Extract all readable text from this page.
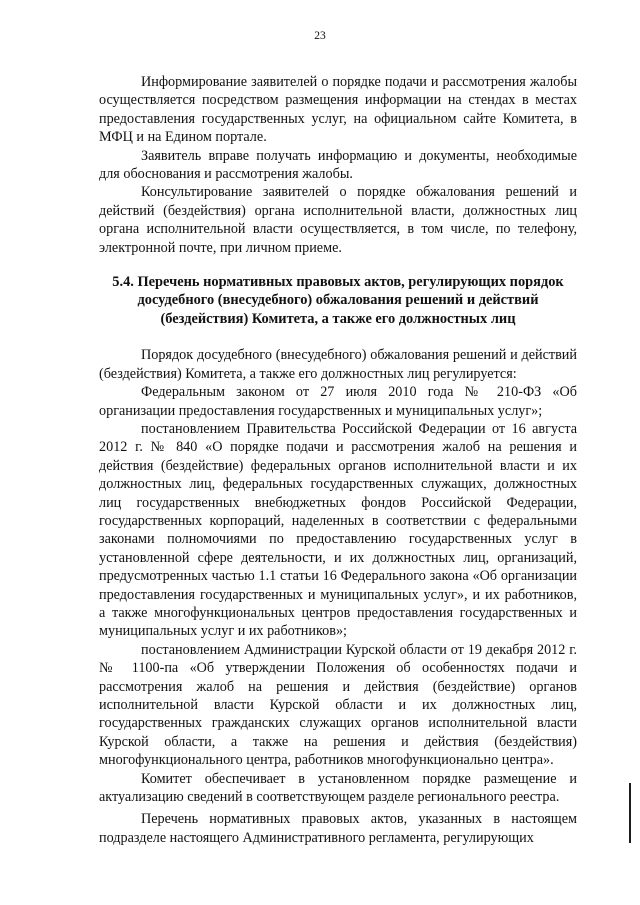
23

Информирование заявителей о порядке подачи и рассмотрения жалобы осуществляется посредством размещения информации на стендах в местах предоставления государственных услуг, на официальном сайте Комитета, в МФЦ и на Едином портале.

Заявитель вправе получать информацию и документы, необходимые для обоснования и рассмотрения жалобы.

Консультирование заявителей о порядке обжалования решений и действий (бездействия) органа исполнительной власти, должностных лиц органа исполнительной власти осуществляется, в том числе, по телефону, электронной почте, при личном приеме.

5.4. Перечень нормативных правовых актов, регулирующих порядок досудебного (внесудебного) обжалования решений и действий (бездействия) Комитета, а также его должностных лиц

Порядок досудебного (внесудебного) обжалования решений и действий (бездействия) Комитета, а также его должностных лиц регулируется:

Федеральным законом от 27 июля 2010 года № 210-ФЗ «Об организации предоставления государственных и муниципальных услуг»;

постановлением Правительства Российской Федерации от 16 августа 2012 г. № 840 «О порядке подачи и рассмотрения жалоб на решения и действия (бездействие) федеральных органов исполнительной власти и их должностных лиц, федеральных государственных служащих, должностных лиц государственных внебюджетных фондов Российской Федерации, государственных корпораций, наделенных в соответствии с федеральными законами полномочиями по предоставлению государственных услуг в установленной сфере деятельности, и их должностных лиц, организаций, предусмотренных частью 1.1 статьи 16 Федерального закона «Об организации предоставления государственных и муниципальных услуг», и их работников, а также многофункциональных центров предоставления государственных и муниципальных услуг и их работников»;

постановлением Администрации Курской области от 19 декабря 2012 г. № 1100-па «Об утверждении Положения об особенностях подачи и рассмотрения жалоб на решения и действия (бездействие) органов исполнительной власти Курской области и их должностных лиц, государственных гражданских служащих органов исполнительной власти Курской области, а также на решения и действия (бездействия) многофункционального центра, работников многофункционально центра».

Комитет обеспечивает в установленном порядке размещение и актуализацию сведений в соответствующем разделе регионального реестра.

Перечень нормативных правовых актов, указанных в настоящем подразделе настоящего Административного регламента, регулирующих
